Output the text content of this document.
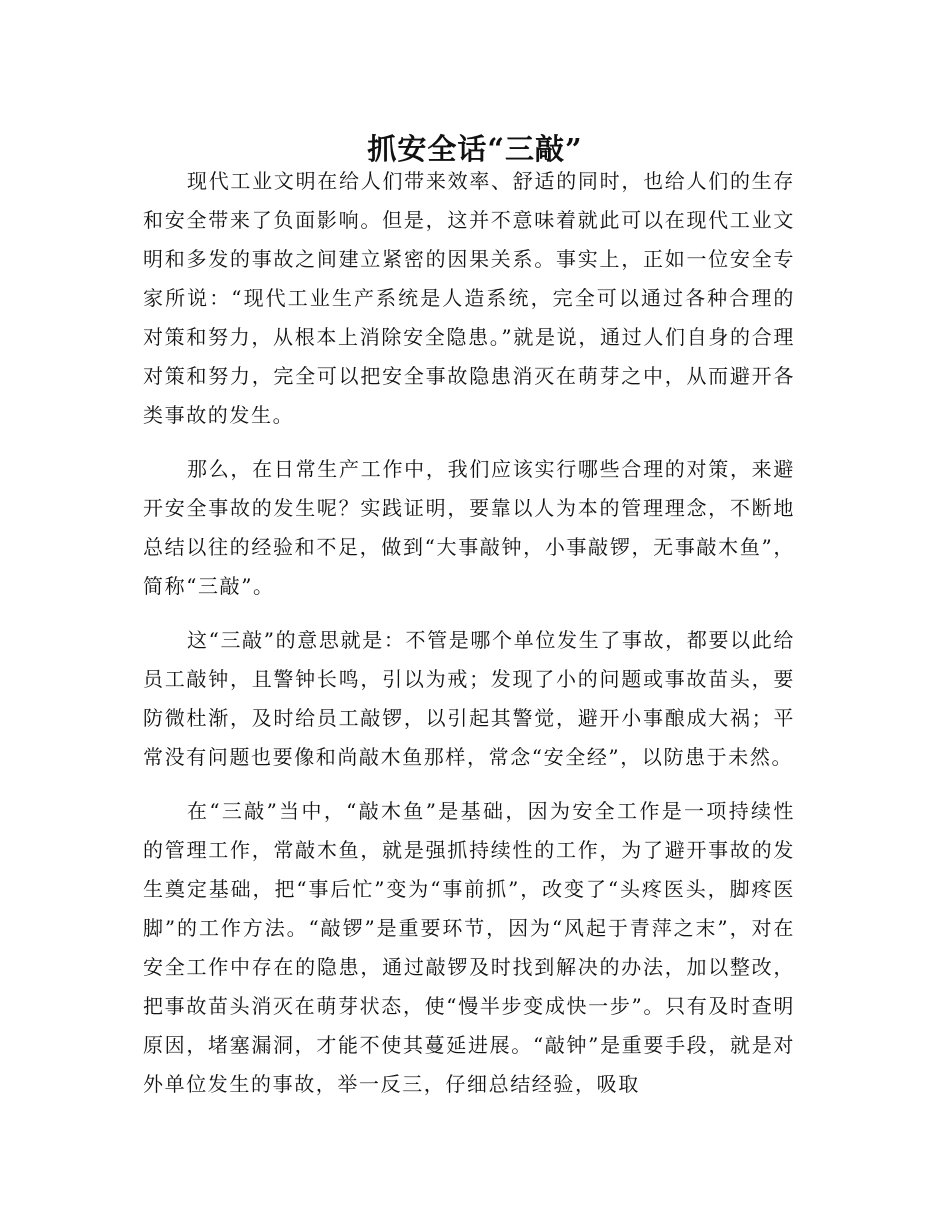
抓安全话“三敲”

现代工业文明在给人们带来效率、舒适的同时，也给人们的生存和安全带来了负面影响。但是，这并不意味着就此可以在现代工业文明和多发的事故之间建立紧密的因果关系。事实上，正如一位安全专家所说：“现代工业生产系统是人造系统，完全可以通过各种合理的对策和努力，从根本上消除安全隐患。”就是说，通过人们自身的合理对策和努力，完全可以把安全事故隐患消灭在萌芽之中，从而避开各类事故的发生。

那么，在日常生产工作中，我们应该实行哪些合理的对策，来避开安全事故的发生呢？实践证明，要靠以人为本的管理理念，不断地总结以往的经验和不足，做到“大事敲钟，小事敲锣，无事敲木鱼”，简称“三敲”。

这“三敲”的意思就是：不管是哪个单位发生了事故，都要以此给员工敲钟，且警钟长鸣，引以为戒；发现了小的问题或事故苗头，要防微杜渐，及时给员工敲锣，以引起其警觉，避开小事酿成大祸；平常没有问题也要像和尚敲木鱼那样，常念“安全经”，以防患于未然。

在“三敲”当中，“敲木鱼”是基础，因为安全工作是一项持续性的管理工作，常敲木鱼，就是强抓持续性的工作，为了避开事故的发生奠定基础，把“事后忙”变为“事前抓”，改变了“头疼医头，脚疼医脚”的工作方法。“敲锣”是重要环节，因为“风起于青萍之末”，对在安全工作中存在的隐患，通过敲锣及时找到解决的办法，加以整改，把事故苗头消灭在萌芽状态，使“慢半步变成快一步”。只有及时查明原因，堵塞漏洞，才能不使其蔓延进展。“敲钟”是重要手段，就是对外单位发生的事故，举一反三，仔细总结经验，吸取
